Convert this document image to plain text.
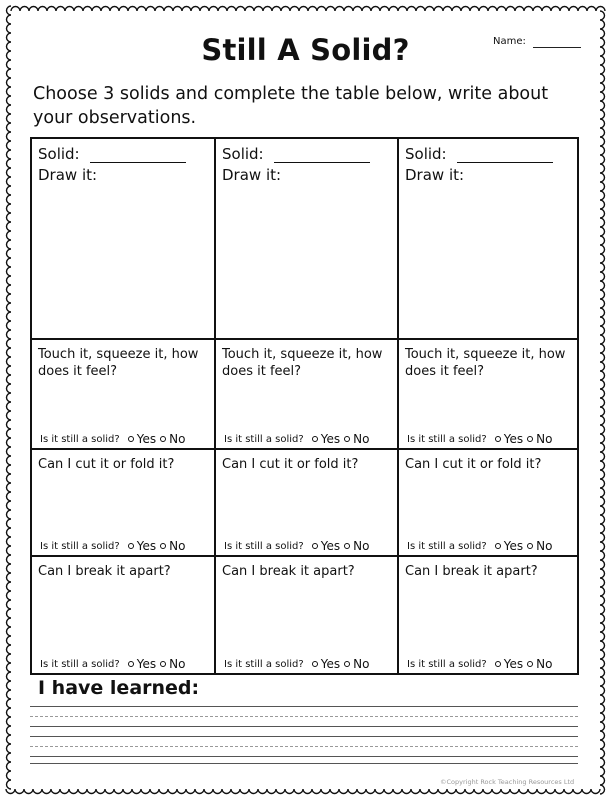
Still A Solid?	Name:

Choose 3 solids and complete the table below, write about your observations.

Solid:
Draw it:
Solid:
Draw it:
Solid:
Draw it:

Touch it, squeeze it, how does it feel?

Is it still a solid? Yes No

Touch it, squeeze it, how does it feel?

Is it still a solid? Yes No

Touch it, squeeze it, how does it feel?

Is it still a solid? Yes No

Can I cut it or fold it?

Is it still a solid? Yes No

Can I cut it or fold it?

Is it still a solid? Yes No

Can I cut it or fold it?

Is it still a solid? Yes No

Can I break it apart?

Is it still a solid? Yes No

Can I break it apart?

Is it still a solid? Yes No

Can I break it apart?

Is it still a solid? Yes No
I have learned:
©Copyright Rock Teaching Resources Ltd
